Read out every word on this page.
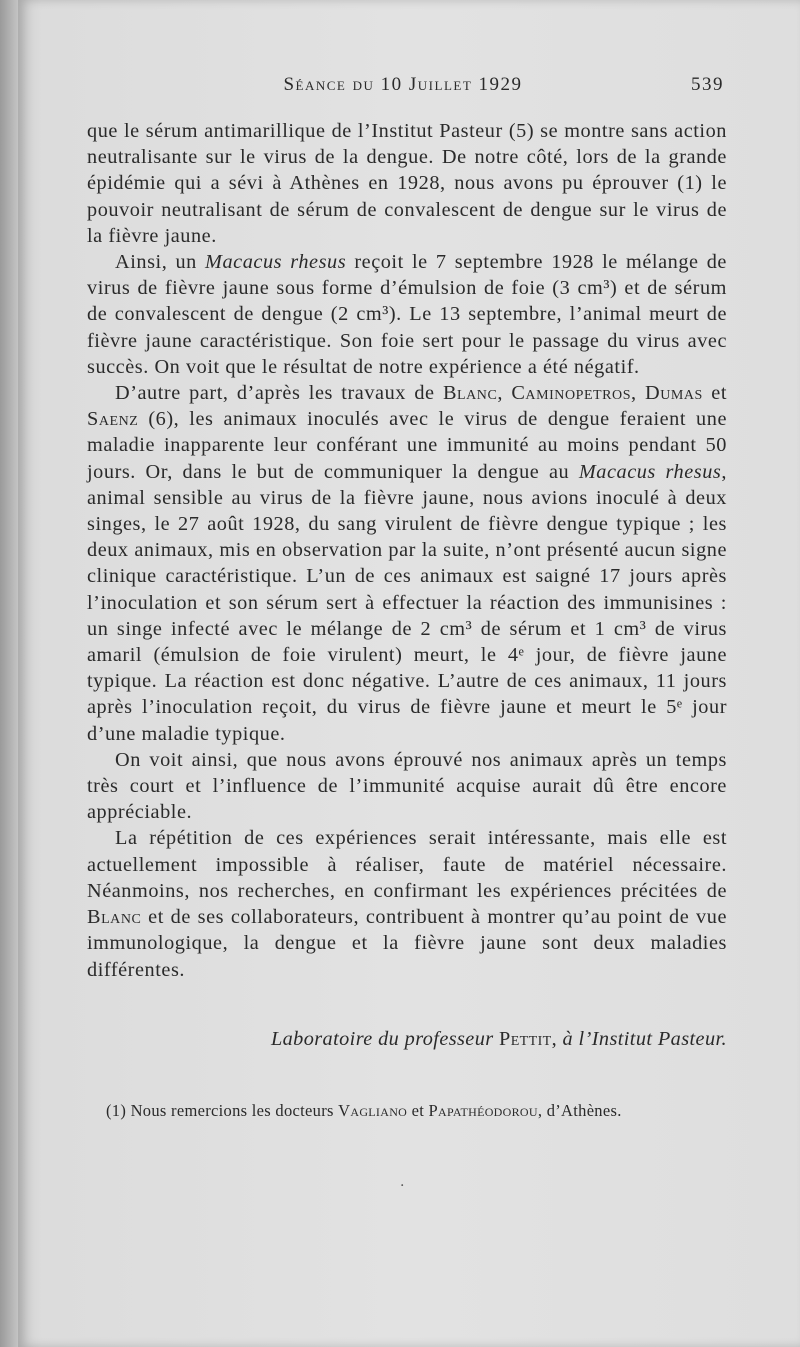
Séance du 10 Juillet 1929	539

que le sérum antimarillique de l’Institut Pasteur (5) se montre sans action neutralisante sur le virus de la dengue. De notre côté, lors de la grande épidémie qui a sévi à Athènes en 1928, nous avons pu éprouver (1) le pouvoir neutralisant de sérum de convalescent de dengue sur le virus de la fièvre jaune.

Ainsi, un Macacus rhesus reçoit le 7 septembre 1928 le mélange de virus de fièvre jaune sous forme d’émulsion de foie (3 cm³) et de sérum de convalescent de dengue (2 cm³). Le 13 septembre, l’animal meurt de fièvre jaune caractéristique. Son foie sert pour le passage du virus avec succès. On voit que le résultat de notre expérience a été négatif.

D’autre part, d’après les travaux de Blanc, Caminopetros, Dumas et Saenz (6), les animaux inoculés avec le virus de dengue feraient une maladie inapparente leur conférant une immunité au moins pendant 50 jours. Or, dans le but de communiquer la dengue au Macacus rhesus, animal sensible au virus de la fièvre jaune, nous avions inoculé à deux singes, le 27 août 1928, du sang virulent de fièvre dengue typique ; les deux animaux, mis en observation par la suite, n’ont présenté aucun signe clinique caractéristique. L’un de ces animaux est saigné 17 jours après l’inoculation et son sérum sert à effectuer la réaction des immunisines : un singe infecté avec le mélange de 2 cm³ de sérum et 1 cm³ de virus amaril (émulsion de foie virulent) meurt, le 4ᵉ jour, de fièvre jaune typique. La réaction est donc négative. L’autre de ces animaux, 11 jours après l’inoculation reçoit, du virus de fièvre jaune et meurt le 5ᵉ jour d’une maladie typique.

On voit ainsi, que nous avons éprouvé nos animaux après un temps très court et l’influence de l’immunité acquise aurait dû être encore appréciable.

La répétition de ces expériences serait intéressante, mais elle est actuellement impossible à réaliser, faute de matériel nécessaire. Néanmoins, nos recherches, en confirmant les expériences précitées de Blanc et de ses collaborateurs, contribuent à montrer qu’au point de vue immunologique, la dengue et la fièvre jaune sont deux maladies différentes.

Laboratoire du professeur Pettit, à l’Institut Pasteur.
(1) Nous remercions les docteurs Vagliano et Papathéodorou, d’Athènes.
·
